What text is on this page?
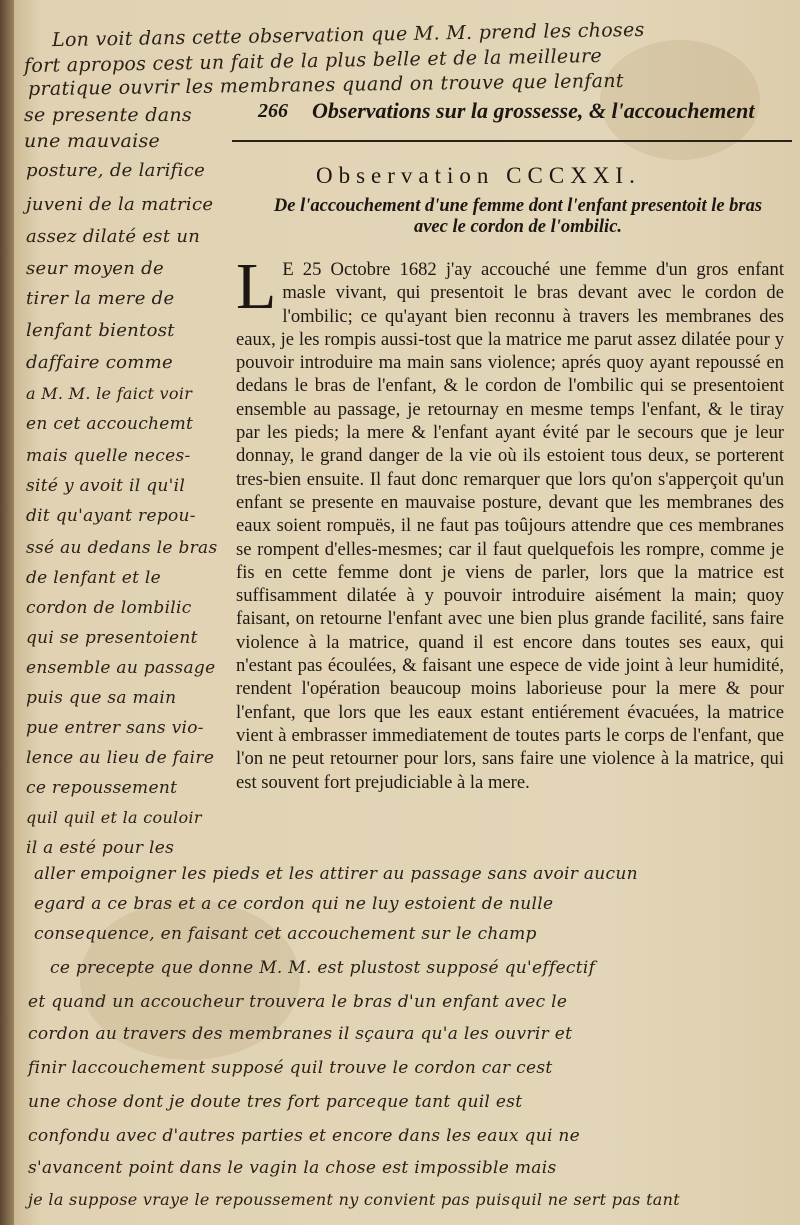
Lon voit dans cette observation que M. M. prend les choses
fort apropos cest un fait de la plus belle et de la meilleure
pratique ouvrir les membranes quand on trouve que lenfant
se presente dans
une mauvaise
266 Observations sur la grossesse, & l'accouchement
Observation CCCXXI.
De l'accouchement d'une femme dont l'enfant presentoit le bras
avec le cordon de l'ombilic.
posture, de larifice
juveni de la matrice
assez dilaté est un
seur moyen de
tirer la mere de
lenfant bientost
daffaire comme
a M. M. le faict voir
en cet accouchemt
mais quelle neces-
sité y avoit il qu'il
dit qu'ayant repou-
ssé au dedans le bras
de lenfant et le
cordon de lombilic
qui se presentoient
ensemble au passage
puis que sa main
pue entrer sans vio-
lence au lieu de faire
ce repoussement
quil quil et la couloir
il a esté pour les
L E 25 Octobre 1682 j'ay accouché une femme d'un gros enfant masle vivant, qui presentoit le bras devant avec le cordon de l'ombilic; ce qu'ayant bien reconnu à travers les membranes des eaux, je les rompis aussi-tost que la matrice me parut assez dilatée pour y pouvoir introduire ma main sans violence; aprés quoy ayant repoussé en dedans le bras de l'enfant, & le cordon de l'ombilic qui se presentoient ensemble au passage, je retournay en mesme temps l'enfant, & le tiray par les pieds; la mere & l'enfant ayant évité par le secours que je leur donnay, le grand danger de la vie où ils estoient tous deux, se porterent tres-bien ensuite. Il faut donc remarquer que lors qu'on s'apperçoit qu'un enfant se presente en mauvaise posture, devant que les membranes des eaux soient rompuës, il ne faut pas toûjours attendre que ces membranes se rompent d'elles-mesmes; car il faut quelquefois les rompre, comme je fis en cette femme dont je viens de parler, lors que la matrice est suffisamment dilatée à y pouvoir introduire aisément la main; quoy faisant, on retourne l'enfant avec une bien plus grande facilité, sans faire violence à la matrice, quand il est encore dans toutes ses eaux, qui n'estant pas écoulées, & faisant une espece de vide joint à leur humidité, rendent l'opération beaucoup moins laborieuse pour la mere & pour l'enfant, que lors que les eaux estant entiérement évacuées, la matrice vient à embrasser immediatement de toutes parts le corps de l'enfant, que l'on ne peut retourner pour lors, sans faire une violence à la matrice, qui est souvent fort prejudiciable à la mere.
aller empoigner les pieds et les attirer au passage sans avoir aucun
egard a ce bras et a ce cordon qui ne luy estoient de nulle
consequence, en faisant cet accouchement sur le champ
ce precepte que donne M. M. est plustost supposé qu'effectif
et quand un accoucheur trouvera le bras d'un enfant avec le
cordon au travers des membranes il sçaura qu'a les ouvrir et
finir laccouchement supposé quil trouve le cordon car cest
une chose dont je doute tres fort parceque tant quil est
confondu avec d'autres parties et encore dans les eaux qui ne
s'avancent point dans le vagin la chose est impossible mais
je la suppose vraye le repoussement ny convient pas puisquil ne sert pas tant
